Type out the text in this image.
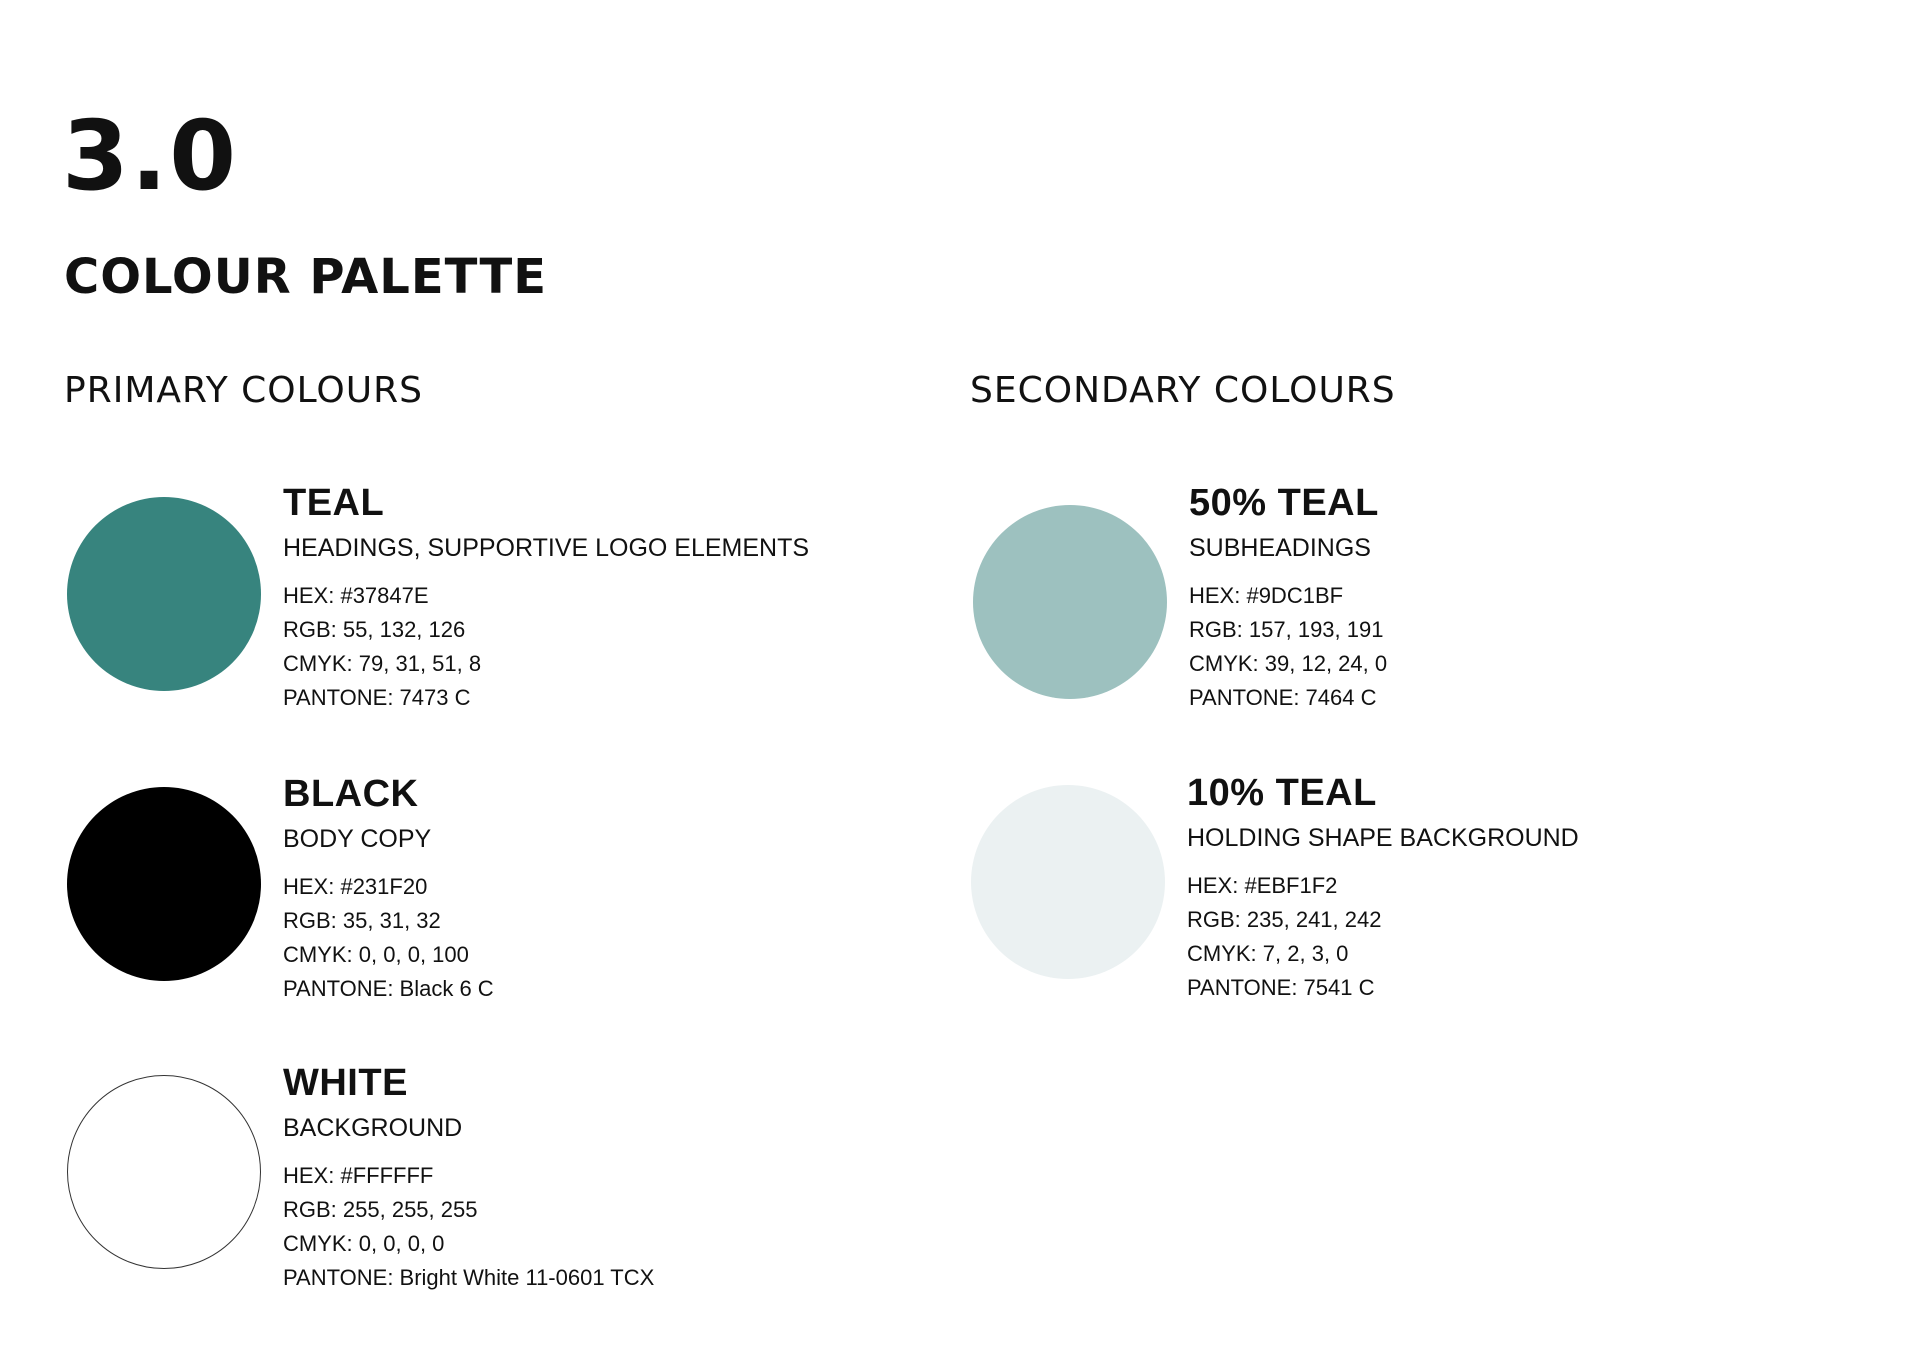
3.0
COLOUR PALETTE
PRIMARY COLOURS	SECONDARY COLOURS
TEAL
HEADINGS, SUPPORTIVE LOGO ELEMENTS
HEX: #37847E
RGB: 55, 132, 126
CMYK: 79, 31, 51, 8
PANTONE: 7473 C
BLACK
BODY COPY
HEX: #231F20
RGB: 35, 31, 32
CMYK: 0, 0, 0, 100
PANTONE: Black 6 C
WHITE
BACKGROUND
HEX: #FFFFFF
RGB: 255, 255, 255
CMYK: 0, 0, 0, 0
PANTONE: Bright White 11-0601 TCX
50% TEAL
SUBHEADINGS
HEX: #9DC1BF
RGB: 157, 193, 191
CMYK: 39, 12, 24, 0
PANTONE: 7464 C
10% TEAL
HOLDING SHAPE BACKGROUND
HEX: #EBF1F2
RGB: 235, 241, 242
CMYK: 7, 2, 3, 0
PANTONE: 7541 C
